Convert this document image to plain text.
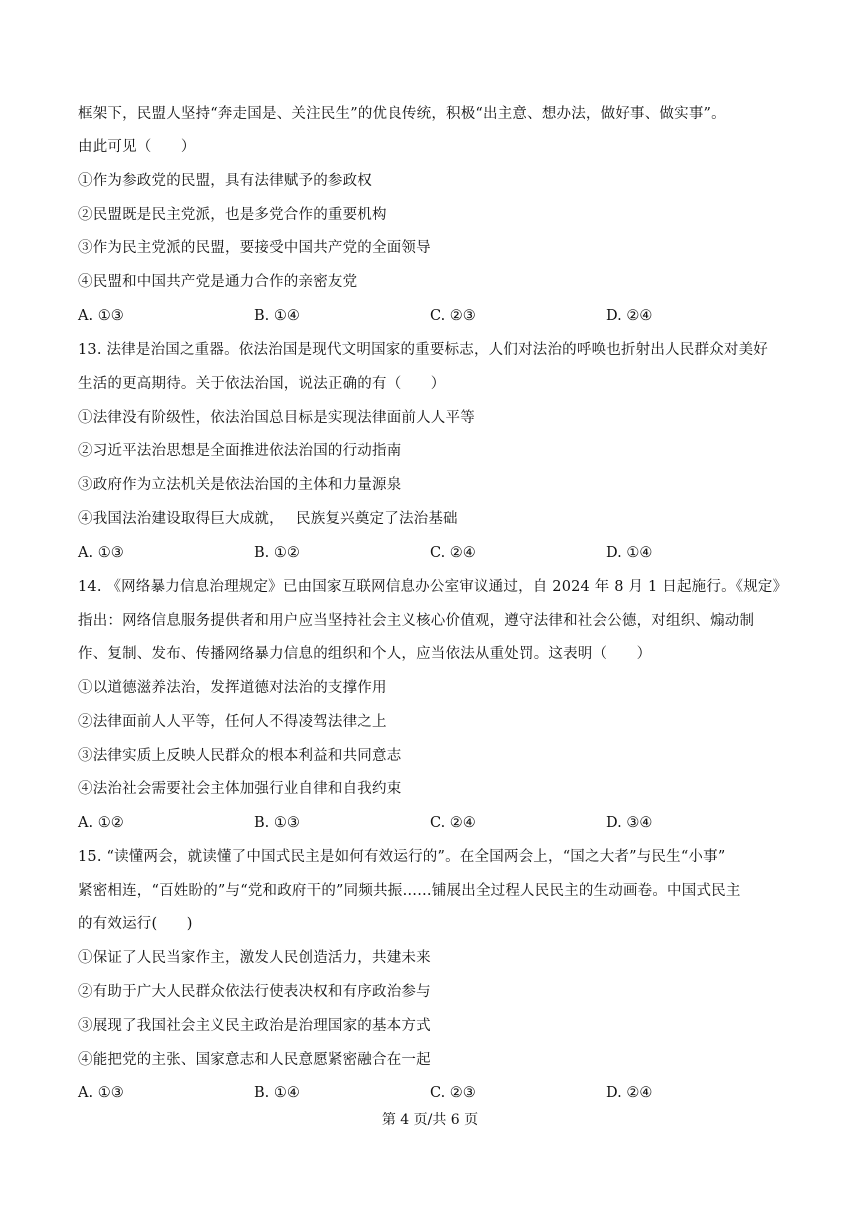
框架下，民盟人坚持“奔走国是、关注民生”的优良传统，积极“出主意、想办法，做好事、做实事”。
由此可见（　　）
①作为参政党的民盟，具有法律赋予的参政权
②民盟既是民主党派，也是多党合作的重要机构
③作为民主党派的民盟，要接受中国共产党的全面领导
④民盟和中国共产党是通力合作的亲密友党
A. ①③	B. ①④	C. ②③	D. ②④
13. 法律是治国之重器。依法治国是现代文明国家的重要标志，人们对法治的呼唤也折射出人民群众对美好
生活的更高期待。关于依法治国，说法正确的有（　　）
①法律没有阶级性，依法治国总目标是实现法律面前人人平等
②习近平法治思想是全面推进依法治国的行动指南
③政府作为立法机关是依法治国的主体和力量源泉
④我国法治建设取得巨大成就，　 民族复兴奠定了法治基础
A. ①③	B. ①②	C. ②④	D. ①④
14. 《网络暴力信息治理规定》已由国家互联网信息办公室审议通过，自 2024 年 8 月 1 日起施行。《规定》
指出：网络信息服务提供者和用户应当坚持社会主义核心价值观，遵守法律和社会公德，对组织、煽动制
作、复制、发布、传播网络暴力信息的组织和个人，应当依法从重处罚。这表明（　　）
①以道德滋养法治，发挥道德对法治的支撑作用
②法律面前人人平等，任何人不得凌驾法律之上
③法律实质上反映人民群众的根本利益和共同意志
④法治社会需要社会主体加强行业自律和自我约束
A. ①②	B. ①③	C. ②④	D. ③④
15. “读懂两会，就读懂了中国式民主是如何有效运行的”。在全国两会上，“国之大者”与民生“小事”
紧密相连，“百姓盼的”与“党和政府干的”同频共振……铺展出全过程人民民主的生动画卷。中国式民主
的有效运行(　　)
①保证了人民当家作主，激发人民创造活力，共建未来
②有助于广大人民群众依法行使表决权和有序政治参与
③展现了我国社会主义民主政治是治理国家的基本方式
④能把党的主张、国家意志和人民意愿紧密融合在一起
A. ①③	B. ①④	C. ②③	D. ②④
第 4 页/共 6 页
